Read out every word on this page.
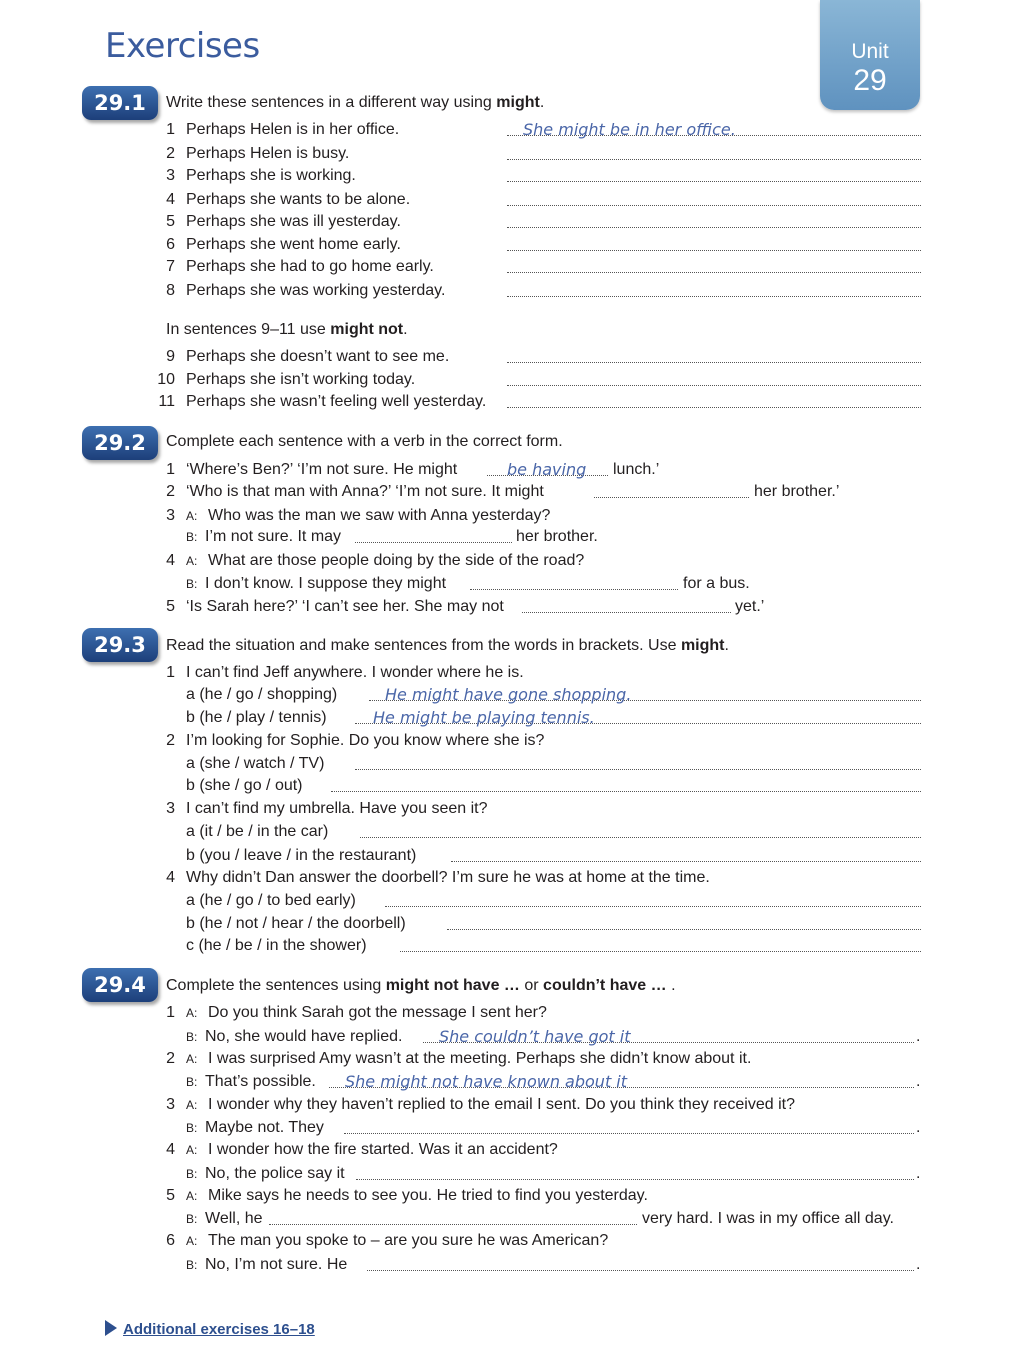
Exercises	Unit
29
29.1	Write these sentences in a different way using might.
1 Perhaps Helen is in her office.	She might be in her office.
2 Perhaps Helen is busy.
3 Perhaps she is working.
4 Perhaps she wants to be alone.
5 Perhaps she was ill yesterday.
6 Perhaps she went home early.
7 Perhaps she had to go home early.
8 Perhaps she was working yesterday.
In sentences 9–11 use might not.
9 Perhaps she doesn’t want to see me.
10 Perhaps she isn’t working today.
11 Perhaps she wasn’t feeling well yesterday.
29.2	Complete each sentence with a verb in the correct form.
1 ‘Where’s Ben?’ ‘I’m not sure. He might	be having lunch.’
2 ‘Who is that man with Anna?’ ‘I’m not sure. It might	her brother.’
3 A: Who was the man we saw with Anna yesterday?
B: I’m not sure. It may	her brother.
4 A: What are those people doing by the side of the road?
B: I don’t know. I suppose they might	for a bus.
5 ‘Is Sarah here?’ ‘I can’t see her. She may not	yet.’
29.3	Read the situation and make sentences from the words in brackets. Use might.
1 I can’t find Jeff anywhere. I wonder where he is.
a (he / go / shopping)	He might have gone shopping.
b (he / play / tennis)	He might be playing tennis.
2 I’m looking for Sophie. Do you know where she is?
a (she / watch / TV)
b (she / go / out)
3 I can’t find my umbrella. Have you seen it?
a (it / be / in the car)
b (you / leave / in the restaurant)
4 Why didn’t Dan answer the doorbell? I’m sure he was at home at the time.
a (he / go / to bed early)
b (he / not / hear / the doorbell)
c (he / be / in the shower)
29.4	Complete the sentences using might not have … or couldn’t have … .
1 A: Do you think Sarah got the message I sent her?
B: No, she would have replied. She couldn’t have got it	.
2 A: I was surprised Amy wasn’t at the meeting. Perhaps she didn’t know about it.
B: That’s possible. She might not have known about it	.
3 A: I wonder why they haven’t replied to the email I sent. Do you think they received it?
B: Maybe not. They	.
4 A: I wonder how the fire started. Was it an accident?
B: No, the police say it	.
5 A: Mike says he needs to see you. He tried to find you yesterday.
B: Well, he	very hard. I was in my office all day.
6 A: The man you spoke to – are you sure he was American?
B: No, I’m not sure. He	.
Additional exercises 16–18
